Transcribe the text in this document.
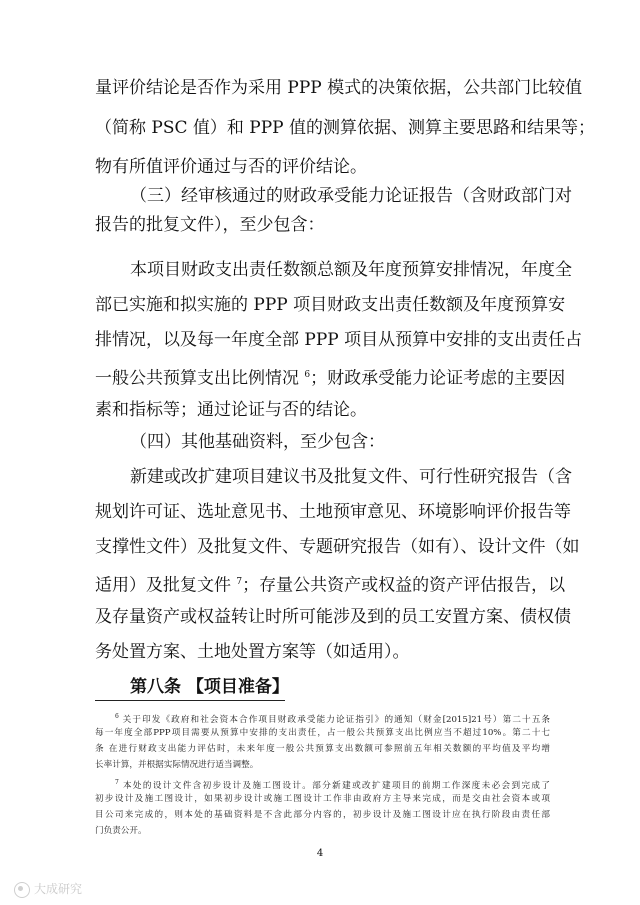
量评价结论是否作为采用 PPP 模式的决策依据，公共部门比较值
（简称 PSC 值）和 PPP 值的测算依据、测算主要思路和结果等；
物有所值评价通过与否的评价结论。
（三）经审核通过的财政承受能力论证报告（含财政部门对
报告的批复文件），至少包含：
本项目财政支出责任数额总额及年度预算安排情况，年度全
部已实施和拟实施的 PPP 项目财政支出责任数额及年度预算安
排情况，以及每一年度全部 PPP 项目从预算中安排的支出责任占
一般公共预算支出比例情况 $^6$；财政承受能力论证考虑的主要因
素和指标等；通过论证与否的结论。
（四）其他基础资料，至少包含：
新建或改扩建项目建议书及批复文件、可行性研究报告（含
规划许可证、选址意见书、土地预审意见、环境影响评价报告等
支撑性文件）及批复文件、专题研究报告（如有）、设计文件（如
适用）及批复文件 $^7$；存量公共资产或权益的资产评估报告，以
及存量资产或权益转让时所可能涉及到的员工安置方案、债权债
务处置方案、土地处置方案等（如适用）。
第八条 【项目准备】
$^6$ 关于印发《政府和社会资本合作项目财政承受能力论证指引》的通知（财金[2015]21号）第二十五条
每一年度全部PPP项目需要从预算中安排的支出责任，占一般公共预算支出比例应当不超过10%。第二十七
条 在进行财政支出能力评估时，未来年度一般公共预算支出数额可参照前五年相关数额的平均值及平均增
长率计算，并根据实际情况进行适当调整。
$^7$ 本处的设计文件含初步设计及施工图设计。部分新建或改扩建项目的前期工作深度未必会到完成了
初步设计及施工图设计，如果初步设计或施工图设计工作非由政府方主导来完成，而是交由社会资本或项
目公司来完成的，则本处的基础资料是不含此部分内容的，初步设计及施工图设计应在执行阶段由责任部
门负责公开。
4
大成研究
